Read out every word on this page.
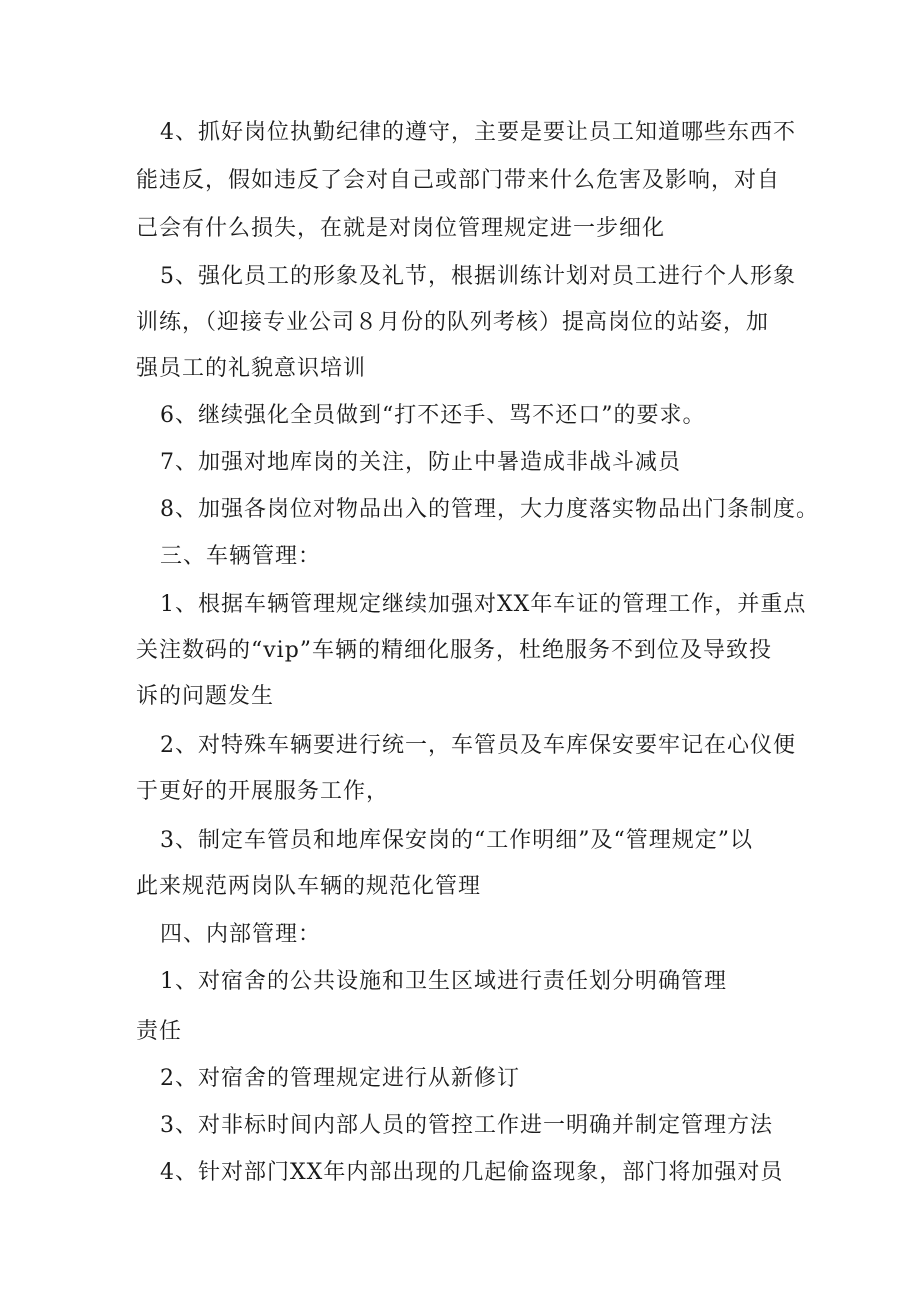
4、抓好岗位执勤纪律的遵守，主要是要让员工知道哪些东西不
能违反，假如违反了会对自己或部门带来什么危害及影响，对自
己会有什么损失，在就是对岗位管理规定进一步细化
5、强化员工的形象及礼节，根据训练计划对员工进行个人形象
训练，（迎接专业公司８月份的队列考核）提高岗位的站姿，加
强员工的礼貌意识培训
6、继续强化全员做到“打不还手、骂不还口”的要求。
7、加强对地库岗的关注，防止中暑造成非战斗减员
8、加强各岗位对物品出入的管理，大力度落实物品出门条制度。
三、车辆管理：
1、根据车辆管理规定继续加强对XX年车证的管理工作，并重点
关注数码的“vip”车辆的精细化服务，杜绝服务不到位及导致投
诉的问题发生
2、对特殊车辆要进行统一，车管员及车库保安要牢记在心仪便
于更好的开展服务工作，
3、制定车管员和地库保安岗的“工作明细”及“管理规定”以
此来规范两岗队车辆的规范化管理
四、内部管理：
1、对宿舍的公共设施和卫生区域进行责任划分明确管理
责任
2、对宿舍的管理规定进行从新修订
3、对非标时间内部人员的管控工作进一明确并制定管理方法
4、针对部门XX年内部出现的几起偷盗现象，部门将加强对员
